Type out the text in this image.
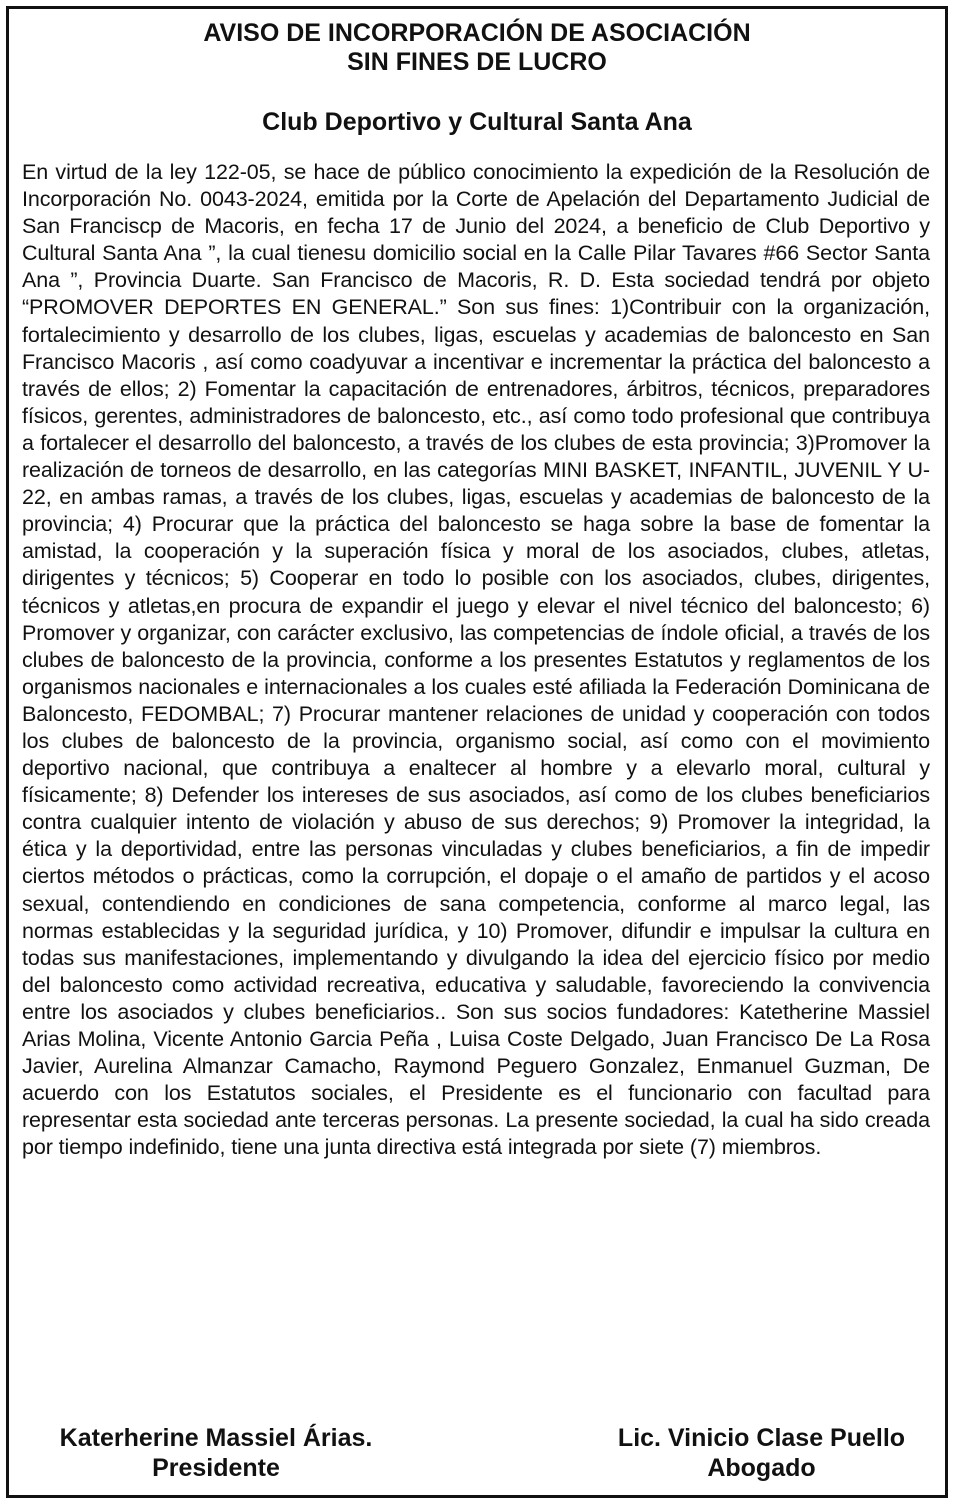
AVISO DE INCORPORACIÓN DE ASOCIACIÓN
SIN FINES DE LUCRO
Club Deportivo y Cultural Santa Ana
En virtud de la ley 122-05, se hace de público conocimiento la expedición de la Resolución de Incorporación No. 0043-2024, emitida por la Corte de Apelación del Departamento Judicial de San Franciscp de Macoris, en fecha 17 de Junio del 2024, a beneficio de Club Deportivo y Cultural Santa Ana ”, la cual tienesu domicilio social en la Calle Pilar Tavares #66 Sector Santa Ana ”, Provincia Duarte. San Francisco de Macoris, R. D. Esta sociedad tendrá por objeto “PROMOVER DEPORTES EN GENERAL.” Son sus fines: 1)Contribuir con la organización, fortalecimiento y desarrollo de los clubes, ligas, escuelas y academias de baloncesto en San Francisco Macoris , así como coadyuvar a incentivar e incrementar la práctica del baloncesto a través de ellos; 2) Fomentar la capacitación de entrenadores, árbitros, técnicos, preparadores físicos, gerentes, administradores de baloncesto, etc., así como todo profesional que contribuya a fortalecer el desarrollo del baloncesto, a través de los clubes de esta provincia; 3)Promover la realización de torneos de desarrollo, en las categorías MINI BASKET, INFANTIL, JUVENIL Y U-22, en ambas ramas, a través de los clubes, ligas, escuelas y academias de baloncesto de la provincia; 4) Procurar que la práctica del baloncesto se haga sobre la base de fomentar la amistad, la cooperación y la superación física y moral de los asociados, clubes, atletas, dirigentes y técnicos; 5) Cooperar en todo lo posible con los asociados, clubes, dirigentes, técnicos y atletas,en procura de expandir el juego y elevar el nivel técnico del baloncesto; 6) Promover y organizar, con carácter exclusivo, las competencias de índole oficial, a través de los clubes de baloncesto de la provincia, conforme a los presentes Estatutos y reglamentos de los organismos nacionales e internacionales a los cuales esté afiliada la Federación Dominicana de Baloncesto, FEDOMBAL; 7) Procurar mantener relaciones de unidad y cooperación con todos los clubes de baloncesto de la provincia, organismo social, así como con el movimiento deportivo nacional, que contribuya a enaltecer al hombre y a elevarlo moral, cultural y físicamente; 8) Defender los intereses de sus asociados, así como de los clubes beneficiarios contra cualquier intento de violación y abuso de sus derechos; 9) Promover la integridad, la ética y la deportividad, entre las personas vinculadas y clubes beneficiarios, a fin de impedir ciertos métodos o prácticas, como la corrupción, el dopaje o el amaño de partidos y el acoso sexual, contendiendo en condiciones de sana competencia, conforme al marco legal, las normas establecidas y la seguridad jurídica, y 10) Promover, difundir e impulsar la cultura en todas sus manifestaciones, implementando y divulgando la idea del ejercicio físico por medio del baloncesto como actividad recreativa, educativa y saludable, favoreciendo la convivencia entre los asociados y clubes beneficiarios.. Son sus socios fundadores: Katetherine Massiel Arias Molina, Vicente Antonio Garcia Peña , Luisa Coste Delgado, Juan Francisco De La Rosa Javier, Aurelina Almanzar Camacho, Raymond Peguero Gonzalez, Enmanuel Guzman, De acuerdo con los Estatutos sociales, el Presidente es el funcionario con facultad para representar esta sociedad ante terceras personas. La presente sociedad, la cual ha sido creada por tiempo indefinido, tiene una junta directiva está integrada por siete (7) miembros.
Katerherine Massiel Árias.
Presidente
Lic. Vinicio Clase Puello
Abogado
